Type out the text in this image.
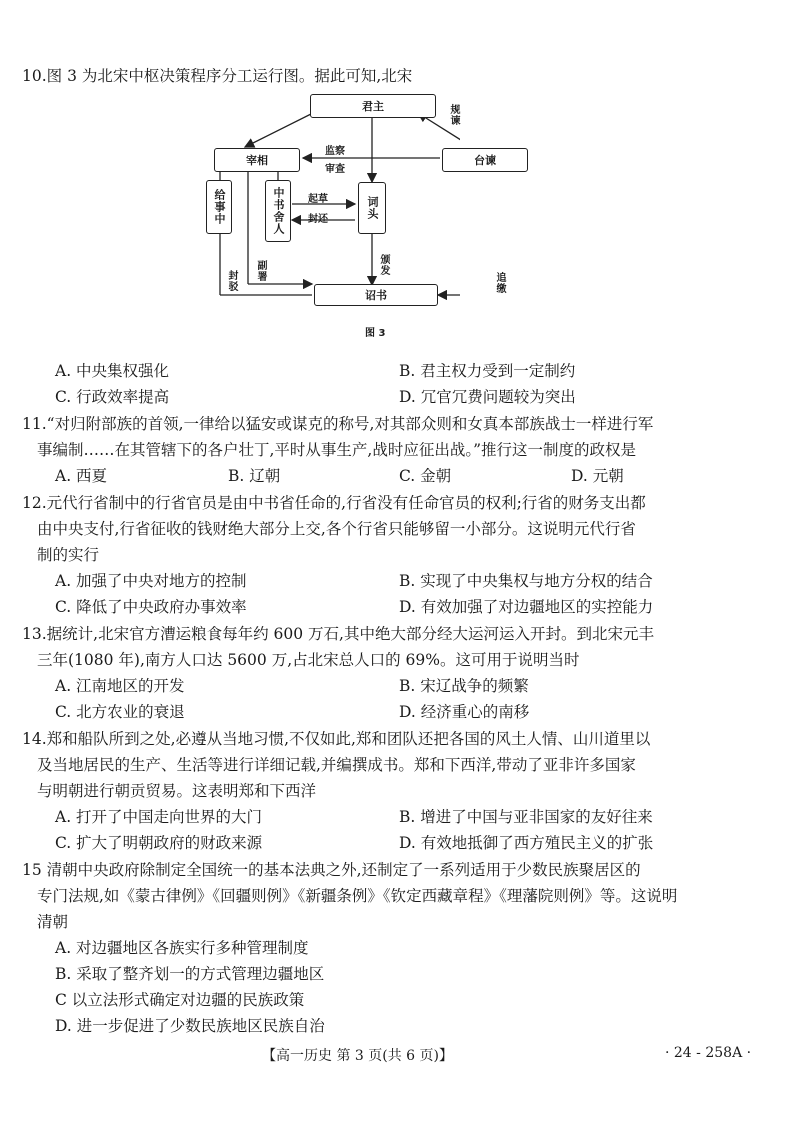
10.图 3 为北宋中枢决策程序分工运行图。据此可知,北宋
君主
宰相	台谏
给事中	中书舍人	词头
诏书
规谏
监察
审查
起草
封还
封驳 副署	颁发
追缴
图 3
A. 中央集权强化	B. 君主权力受到一定制约
C. 行政效率提高	D. 冗官冗费问题较为突出
11.“对归附部族的首领,一律给以猛安或谋克的称号,对其部众则和女真本部族战士一样进行军
事编制……在其管辖下的各户壮丁,平时从事生产,战时应征出战。”推行这一制度的政权是
A. 西夏	B. 辽朝	C. 金朝	D. 元朝
12.元代行省制中的行省官员是由中书省任命的,行省没有任命官员的权利;行省的财务支出都
由中央支付,行省征收的钱财绝大部分上交,各个行省只能够留一小部分。这说明元代行省
制的实行
A. 加强了中央对地方的控制	B. 实现了中央集权与地方分权的结合
C. 降低了中央政府办事效率	D. 有效加强了对边疆地区的实控能力
13.据统计,北宋官方漕运粮食每年约 600 万石,其中绝大部分经大运河运入开封。到北宋元丰
三年(1080 年),南方人口达 5600 万,占北宋总人口的 69%。这可用于说明当时
A. 江南地区的开发	B. 宋辽战争的频繁
C. 北方农业的衰退	D. 经济重心的南移
14.郑和船队所到之处,必遵从当地习惯,不仅如此,郑和团队还把各国的风土人情、山川道里以
及当地居民的生产、生活等进行详细记载,并编撰成书。郑和下西洋,带动了亚非许多国家
与明朝进行朝贡贸易。这表明郑和下西洋
A. 打开了中国走向世界的大门	B. 增进了中国与亚非国家的友好往来
C. 扩大了明朝政府的财政来源	D. 有效地抵御了西方殖民主义的扩张
15 清朝中央政府除制定全国统一的基本法典之外,还制定了一系列适用于少数民族聚居区的
专门法规,如《蒙古律例》《回疆则例》《新疆条例》《钦定西藏章程》《理藩院则例》等。这说明
清朝
A. 对边疆地区各族实行多种管理制度
B. 采取了整齐划一的方式管理边疆地区
C 以立法形式确定对边疆的民族政策
D. 进一步促进了少数民族地区民族自治
【高一历史 第 3 页(共 6 页)】	· 24 - 258A ·
